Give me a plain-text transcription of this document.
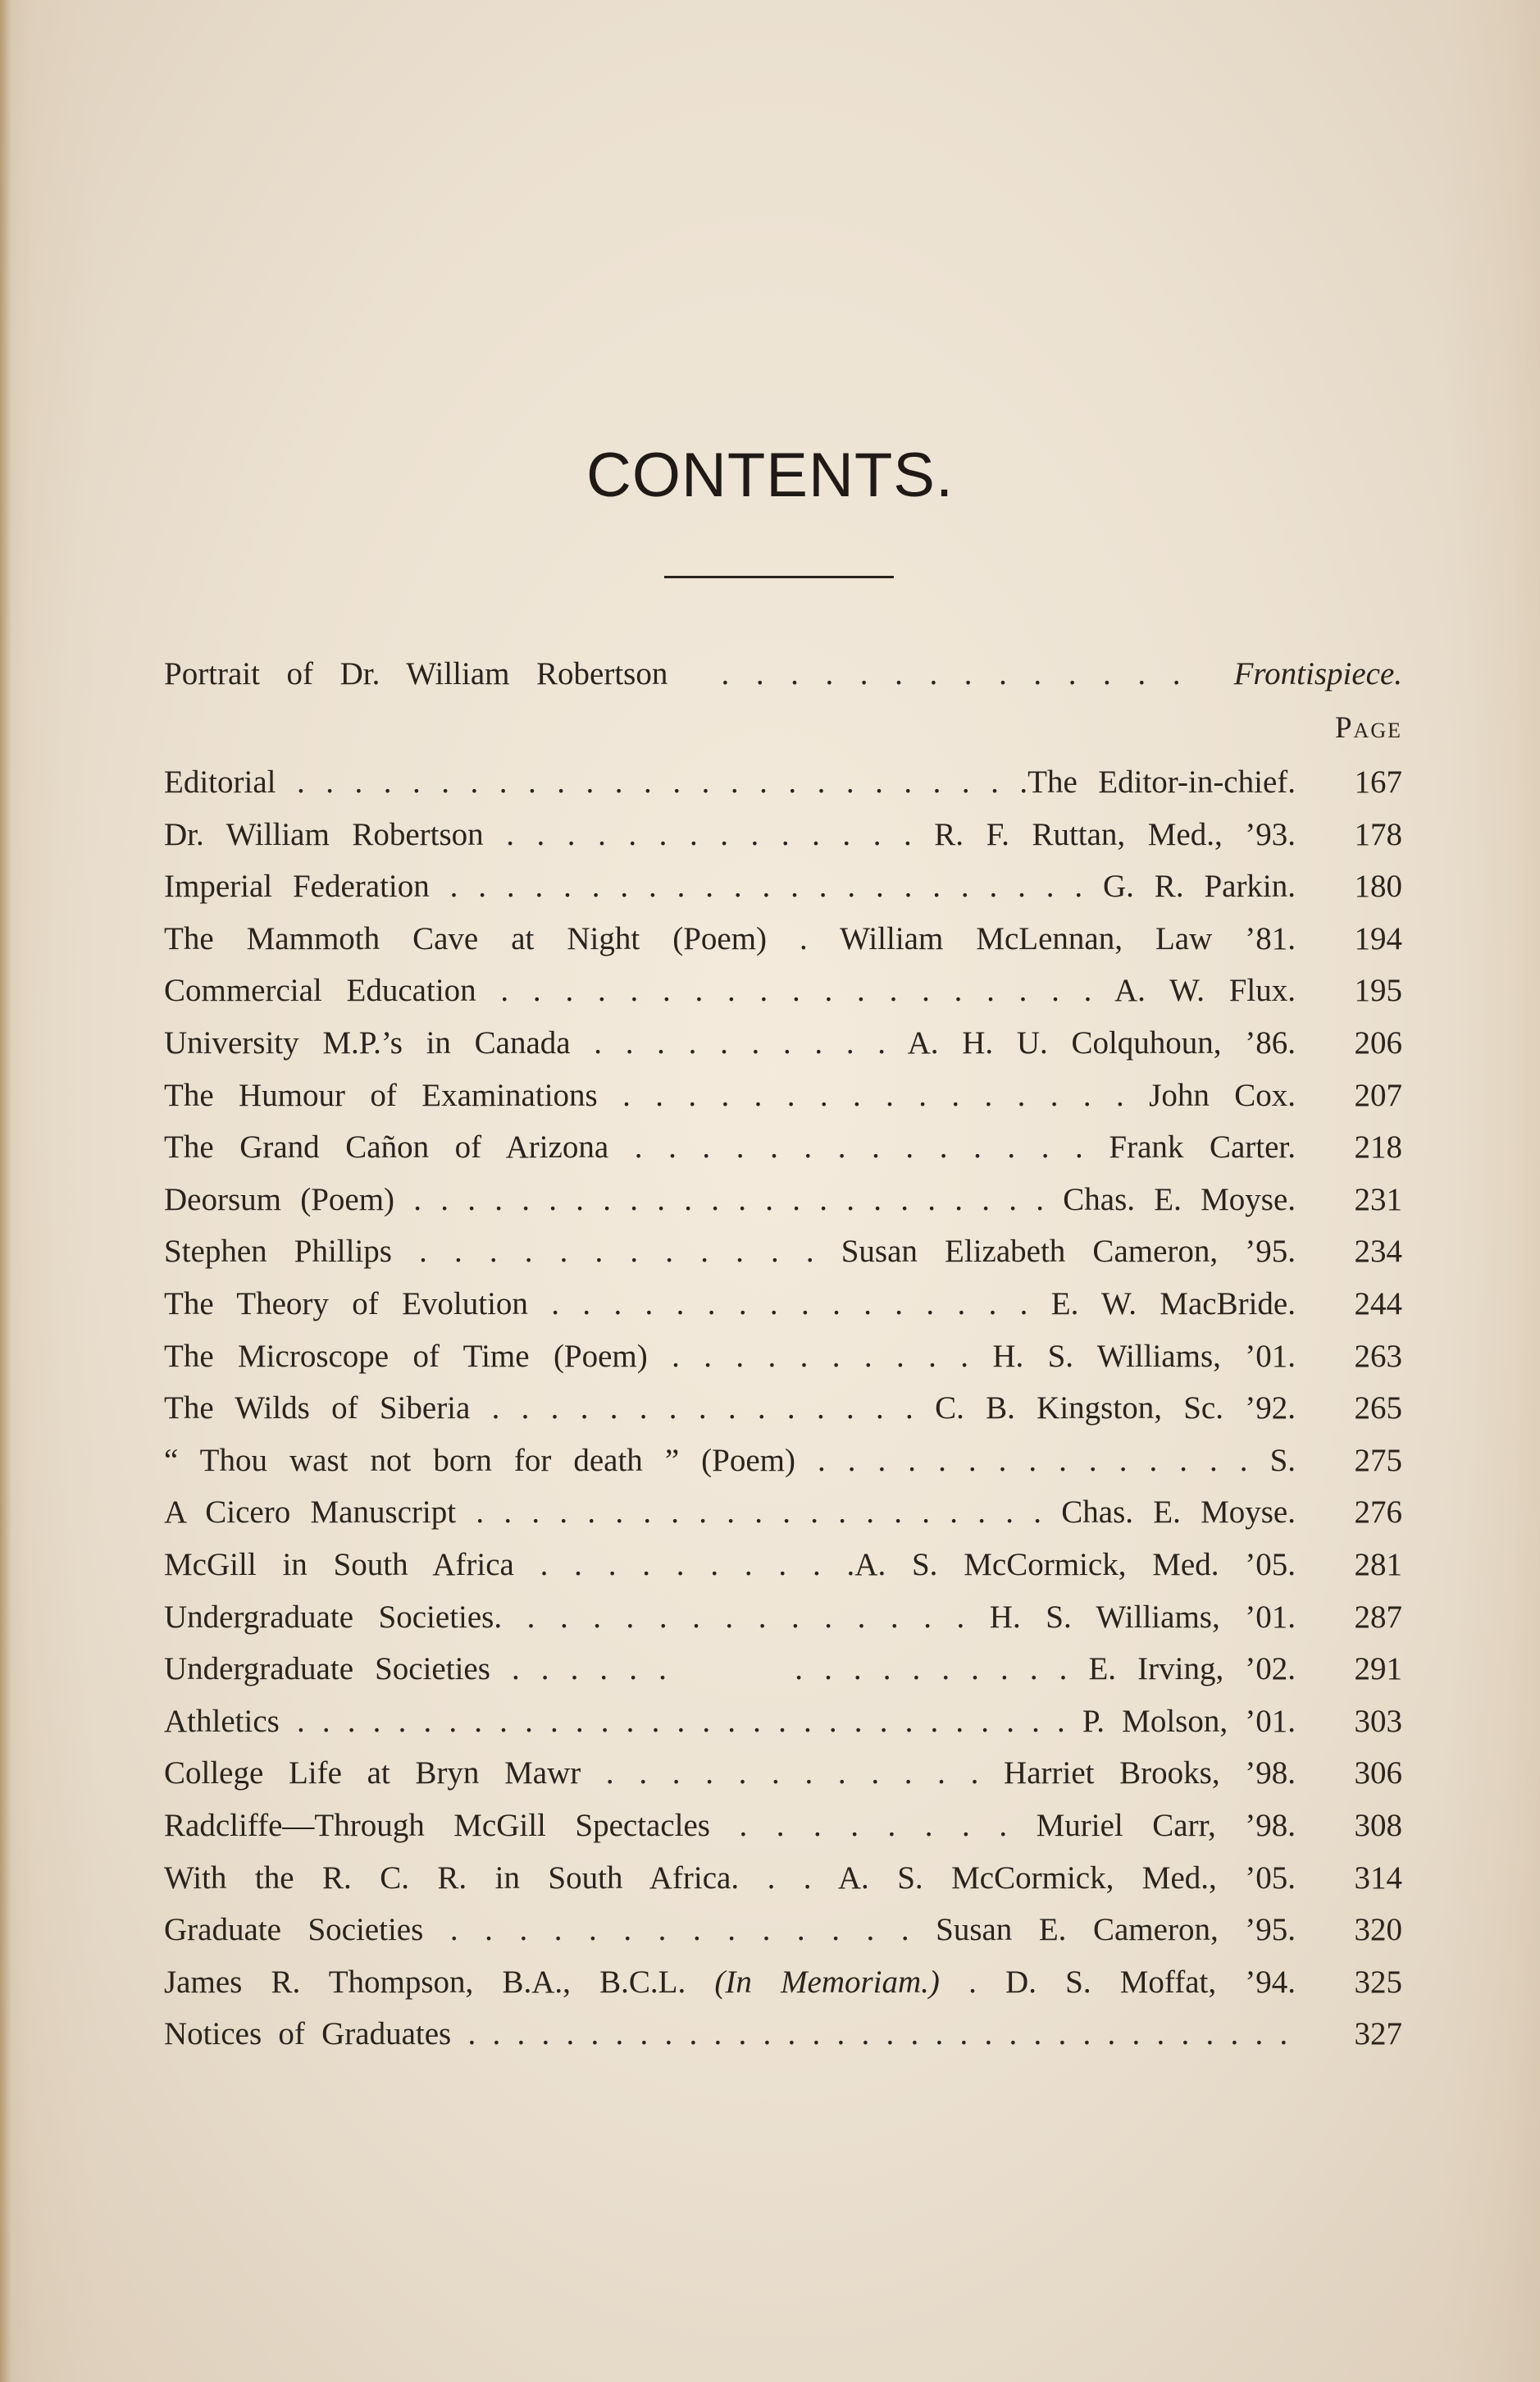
CONTENTS.
Portrait of Dr. William Robertson  . . . . . . . . . . . . . .  Frontispiece.
Page
Editorial . . . . . . . . . . . . . . . . . . . . . . . . . .The Editor-in-chief.	167
Dr. William Robertson . . . . . . . . . . . . . . R. F. Ruttan, Med., ’93.	178
Imperial Federation . . . . . . . . . . . . . . . . . . . . . . . G. R. Parkin.	180
The Mammoth Cave at Night (Poem) . William McLennan, Law ’81.	194
Commercial Education . . . . . . . . . . . . . . . . . . . A. W. Flux.	195
University M.P.’s in Canada . . . . . . . . . . A. H. U. Colquhoun, ’86.	206
The Humour of Examinations . . . . . . . . . . . . . . . . John Cox.	207
The Grand Cañon of Arizona . . . . . . . . . . . . . . Frank Carter.	218
Deorsum (Poem) . . . . . . . . . . . . . . . . . . . . . . . . Chas. E. Moyse.	231
Stephen Phillips . . . . . . . . . . . . Susan Elizabeth Cameron, ’95.	234
The Theory of Evolution . . . . . . . . . . . . . . . . E. W. MacBride.	244
The Microscope of Time (Poem) . . . . . . . . . . H. S. Williams, ’01.	263
The Wilds of Siberia . . . . . . . . . . . . . . . C. B. Kingston, Sc. ’92.	265
“ Thou wast not born for death ” (Poem) . . . . . . . . . . . . . . . S.	275
A Cicero Manuscript . . . . . . . . . . . . . . . . . . . . . Chas. E. Moyse.	276
McGill in South Africa . . . . . . . . . .A. S. McCormick, Med. ’05.	281
Undergraduate Societies. . . . . . . . . . . . . . . H. S. Williams, ’01.	287
Undergraduate Societies . . . . . .      . . . . . . . . . . E. Irving, ’02.	291
Athletics . . . . . . . . . . . . . . . . . . . . . . . . . . . . . . . P. Molson, ’01.	303
College Life at Bryn Mawr . . . . . . . . . . . . Harriet Brooks, ’98.	306
Radcliffe—Through McGill Spectacles . . . . . . . . Muriel Carr, ’98.	308
With the R. C. R. in South Africa. . . A. S. McCormick, Med., ’05.	314
Graduate Societies . . . . . . . . . . . . . . Susan E. Cameron, ’95.	320
James R. Thompson, B.A., B.C.L. (In Memoriam.) . D. S. Moffat, ’94.	325
Notices of Graduates . . . . . . . . . . . . . . . . . . . . . . . . . . . . . . . . . .	327
